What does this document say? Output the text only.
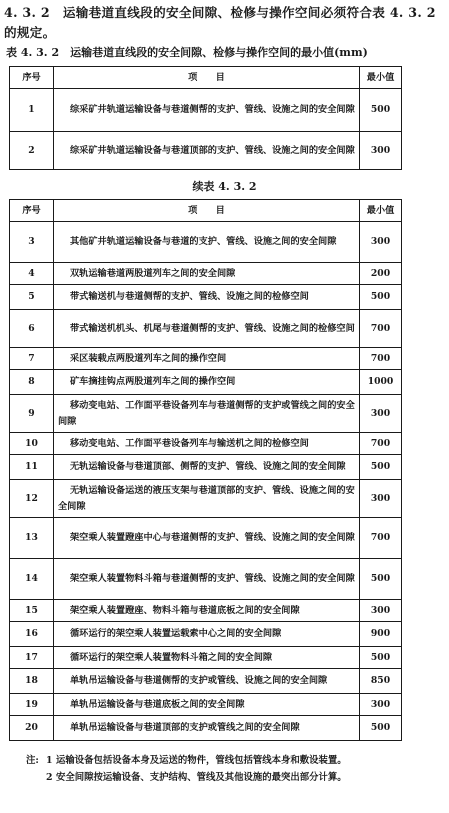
4. 3. 2　运输巷道直线段的安全间隙、检修与操作空间必须符合表 4. 3. 2 的规定。
表 4. 3. 2　运输巷道直线段的安全间隙、检修与操作空间的最小值(mm)
序号	项　　目	最小值
1	综采矿井轨道运输设备与巷道侧帮的支护、管线、设施之间的安全间隙	500
2	综采矿井轨道运输设备与巷道顶部的支护、管线、设施之间的安全间隙	300
续表 4. 3. 2
序号	项　　目	最小值
3	其他矿井轨道运输设备与巷道的支护、管线、设施之间的安全间隙	300
4	双轨运输巷道两股道列车之间的安全间隙	200
5	带式输送机与巷道侧帮的支护、管线、设施之间的检修空间	500
6	带式输送机机头、机尾与巷道侧帮的支护、管线、设施之间的检修空间	700
7	采区装载点两股道列车之间的操作空间	700
8	矿车摘挂钩点两股道列车之间的操作空间	1000
9	移动变电站、工作面平巷设备列车与巷道侧帮的支护或管线之间的安全间隙	300
10	移动变电站、工作面平巷设备列车与输送机之间的检修空间	700
11	无轨运输设备与巷道顶部、侧帮的支护、管线、设施之间的安全间隙	500
12	无轨运输设备运送的液压支架与巷道顶部的支护、管线、设施之间的安全间隙	300
13	架空乘人装置蹬座中心与巷道侧帮的支护、管线、设施之间的安全间隙	700
14	架空乘人装置物料斗箱与巷道侧帮的支护、管线、设施之间的安全间隙	500
15	架空乘人装置蹬座、物料斗箱与巷道底板之间的安全间隙	300
16	循环运行的架空乘人装置运载索中心之间的安全间隙	900
17	循环运行的架空乘人装置物料斗箱之间的安全间隙	500
18	单轨吊运输设备与巷道侧帮的支护或管线、设施之间的安全间隙	850
19	单轨吊运输设备与巷道底板之间的安全间隙	300
20	单轨吊运输设备与巷道顶部的支护或管线之间的安全间隙	500
注: 1 运输设备包括设备本身及运送的物件，管线包括管线本身和敷设装置。
2 安全间隙按运输设备、支护结构、管线及其他设施的最突出部分计算。
